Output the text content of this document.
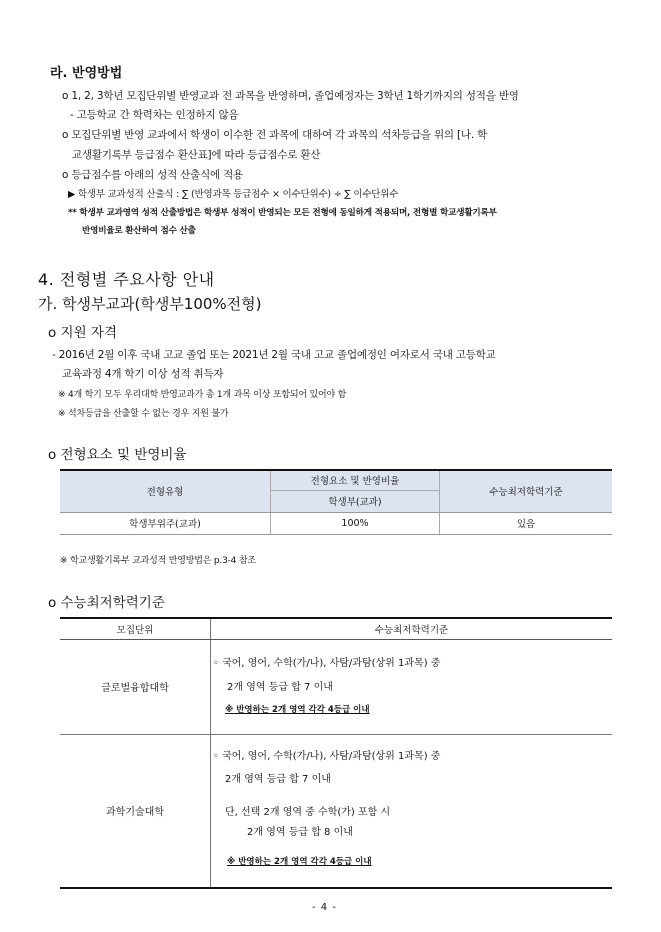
라. 반영방법
o 1, 2, 3학년 모집단위별 반영교과 전 과목을 반영하며, 졸업예정자는 3학년 1학기까지의 성적을 반영
- 고등학교 간 학력차는 인정하지 않음
o 모집단위별 반영 교과에서 학생이 이수한 전 과목에 대하여 각 과목의 석차등급을 위의 [나. 학
교생활기록부 등급점수 환산표]에 따라 등급점수로 환산
o 등급점수를 아래의 성적 산출식에 적용
▶ 학생부 교과성적 산출식 : ∑ (반영과목 등급점수 × 이수단위수) ÷ ∑ 이수단위수
** 학생부 교과영역 성적 산출방법은 학생부 성적이 반영되는 모든 전형에 동일하게 적용되며, 전형별 학교생활기록부
반영비율로 환산하여 점수 산출
4. 전형별 주요사항 안내
가. 학생부교과(학생부100%전형)
o 지원 자격
- 2016년 2월 이후 국내 고교 졸업 또는 2021년 2월 국내 고교 졸업예정인 여자로서 국내 고등학교
교육과정 4개 학기 이상 성적 취득자
※ 4개 학기 모두 우리대학 반영교과가 총 1개 과목 이상 포함되어 있어야 함
※ 석차등급을 산출할 수 없는 경우 지원 불가
o 전형요소 및 반영비율
전형유형	전형요소 및 반영비율	수능최저학력기준
	학생부(교과)	
학생부위주(교과)	100%	있음
※ 학교생활기록부 교과성적 반영방법은 p.3-4 참조
o 수능최저학력기준
모집단위	수능최저학력기준
글로벌융합대학	◦ 국어, 영어, 수학(가/나), 사탐/과탐(상위 1과목) 중
2개 영역 등급 합 7 이내
※ 반영하는 2개 영역 각각 4등급 이내

과학기술대학	◦ 국어, 영어, 수학(가/나), 사탐/과탐(상위 1과목) 중
2개 영역 등급 합 7 이내
단, 선택 2개 영역 중 수학(가) 포함 시
2개 영역 등급 합 8 이내
※ 반영하는 2개 영역 각각 4등급 이내
- 4 -
